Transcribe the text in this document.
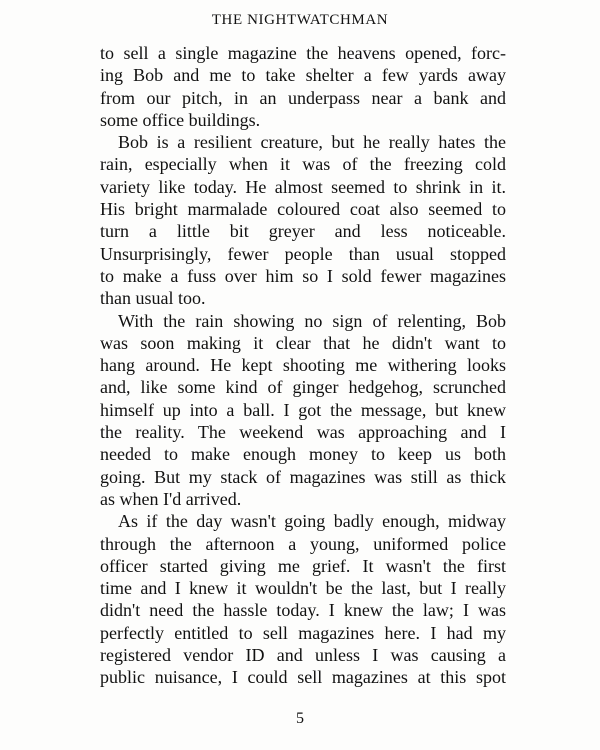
THE NIGHTWATCHMAN
to sell a single magazine the heavens opened, forc-
ing Bob and me to take shelter a few yards away
from our pitch, in an underpass near a bank and
some office buildings.
Bob is a resilient creature, but he really hates the
rain, especially when it was of the freezing cold
variety like today. He almost seemed to shrink in it.
His bright marmalade coloured coat also seemed to
turn a little bit greyer and less noticeable.
Unsurprisingly, fewer people than usual stopped
to make a fuss over him so I sold fewer magazines
than usual too.
With the rain showing no sign of relenting, Bob
was soon making it clear that he didn't want to
hang around. He kept shooting me withering looks
and, like some kind of ginger hedgehog, scrunched
himself up into a ball. I got the message, but knew
the reality. The weekend was approaching and I
needed to make enough money to keep us both
going. But my stack of magazines was still as thick
as when I'd arrived.
As if the day wasn't going badly enough, midway
through the afternoon a young, uniformed police
officer started giving me grief. It wasn't the first
time and I knew it wouldn't be the last, but I really
didn't need the hassle today. I knew the law; I was
perfectly entitled to sell magazines here. I had my
registered vendor ID and unless I was causing a
public nuisance, I could sell magazines at this spot
5
